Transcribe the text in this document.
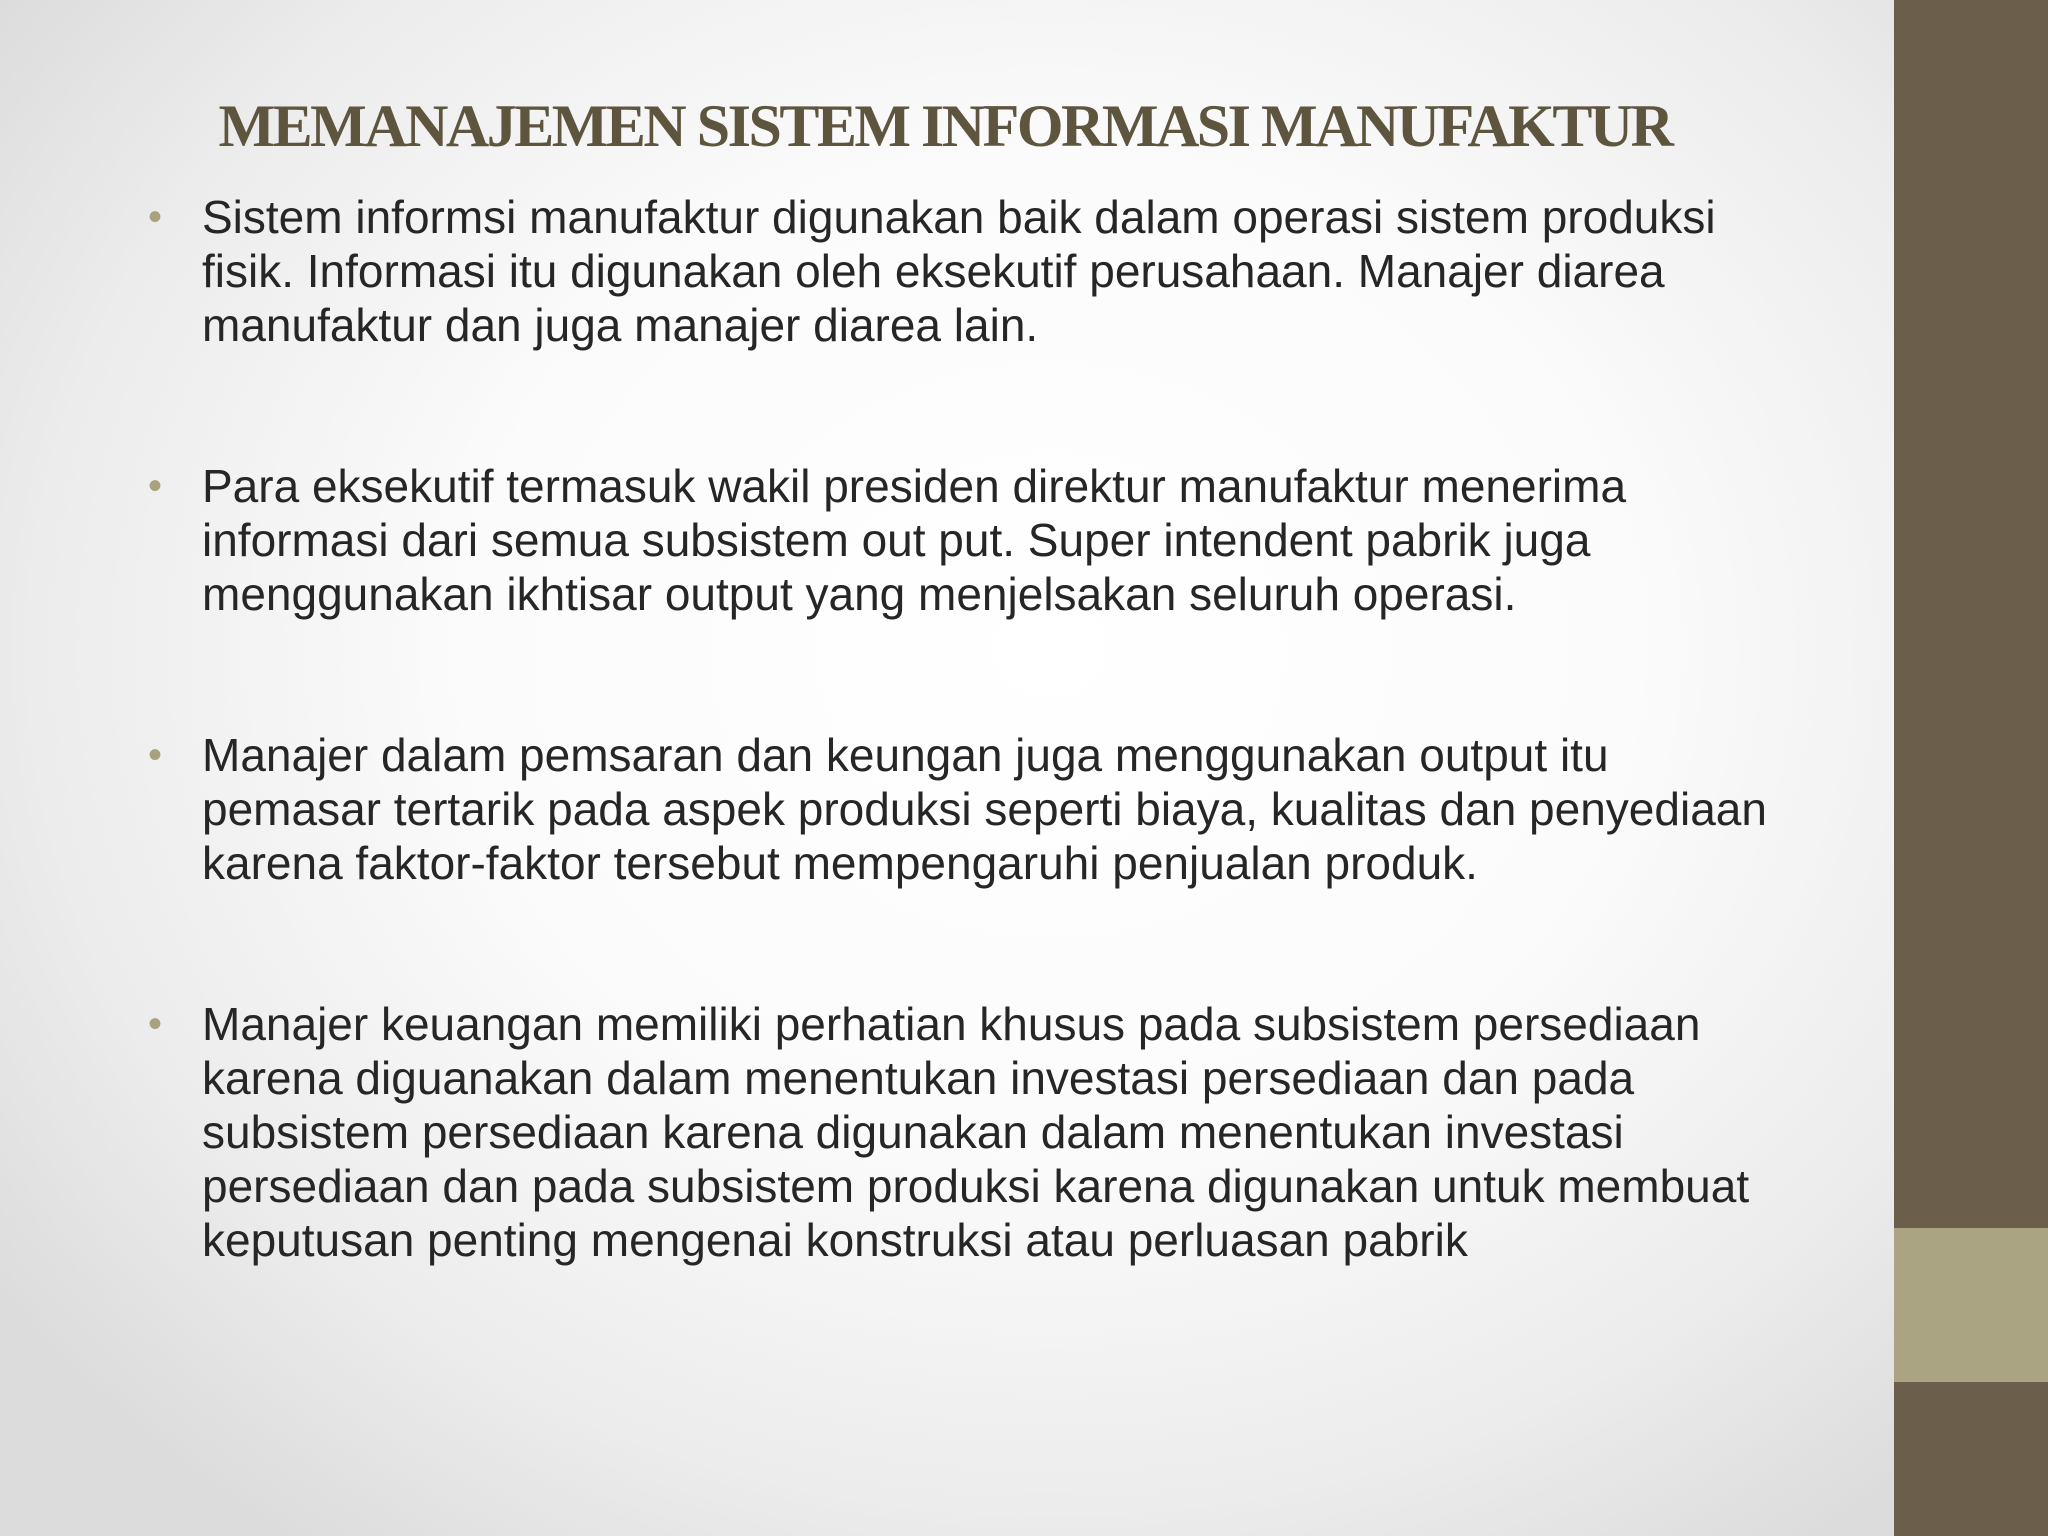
MEMANAJEMEN SISTEM INFORMASI MANUFAKTUR
• Sistem informsi manufaktur digunakan baik dalam operasi sistem produksi fisik. Informasi itu digunakan oleh eksekutif perusahaan. Manajer diarea manufaktur dan juga manajer diarea lain.
• Para eksekutif termasuk wakil presiden direktur manufaktur menerima informasi dari semua subsistem out put. Super intendent pabrik juga menggunakan ikhtisar output yang menjelsakan seluruh operasi.
• Manajer dalam pemsaran dan keungan juga menggunakan output itu pemasar tertarik pada aspek produksi seperti biaya, kualitas dan penyediaan karena faktor-faktor tersebut mempengaruhi penjualan produk.
• Manajer keuangan memiliki perhatian khusus pada subsistem persediaan karena diguanakan dalam menentukan investasi persediaan dan pada subsistem persediaan karena digunakan dalam menentukan investasi persediaan dan pada subsistem produksi karena digunakan untuk membuat keputusan penting mengenai konstruksi atau perluasan pabrik
